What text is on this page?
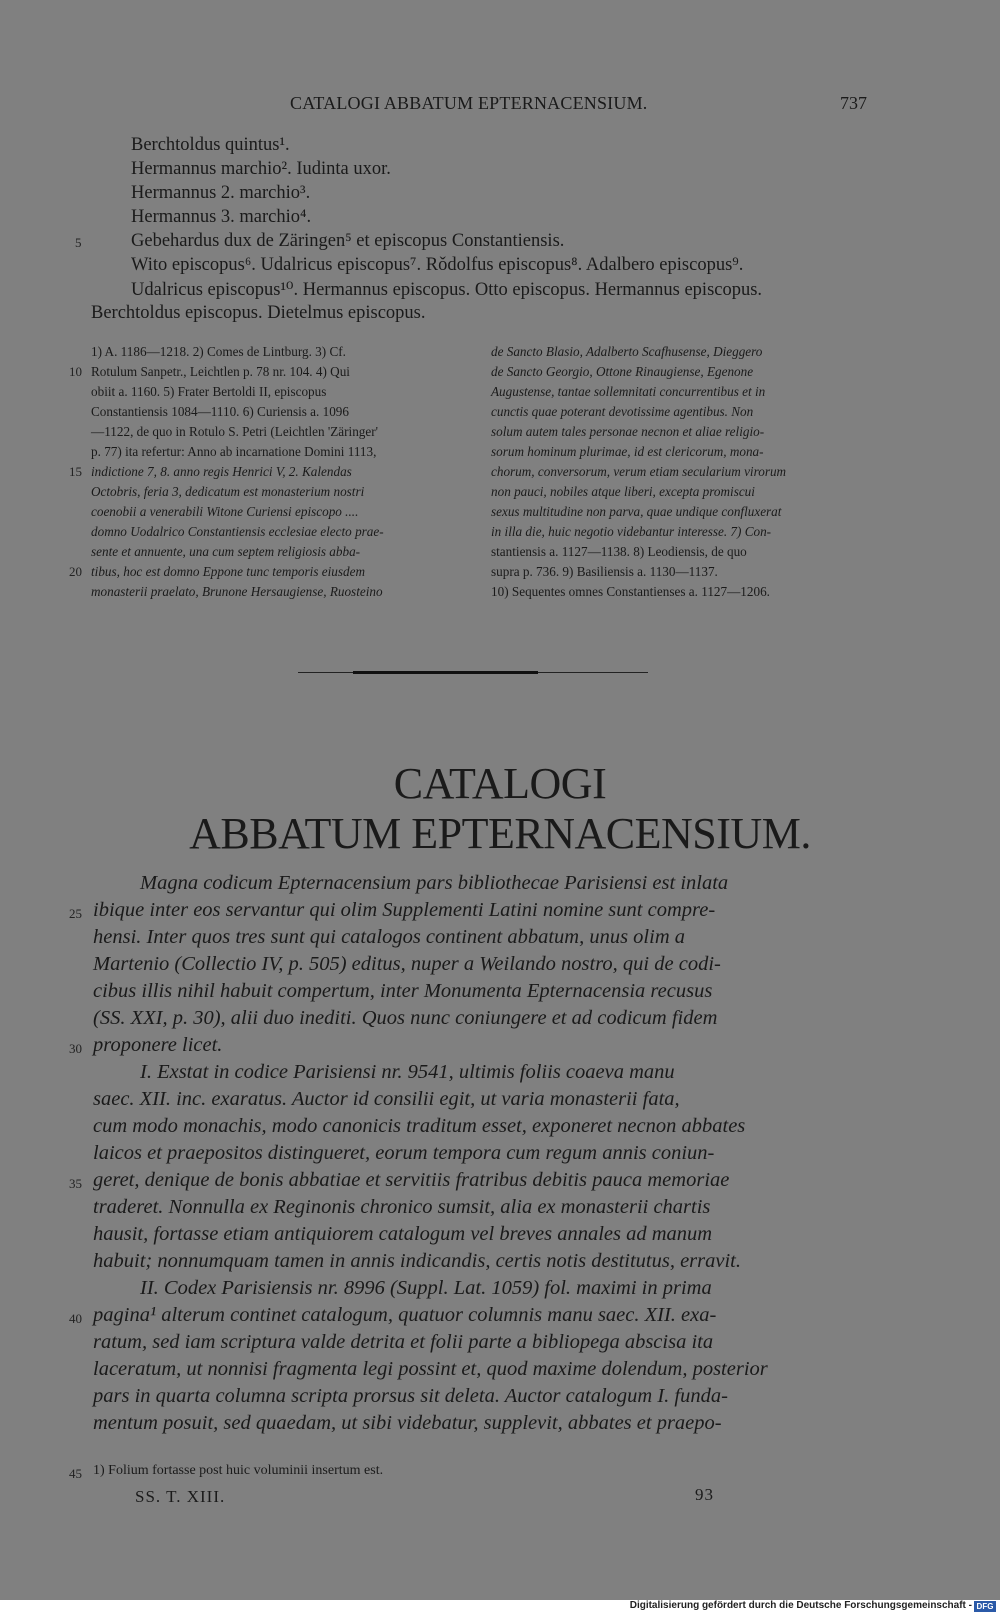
CATALOGI ABBATUM EPTERNACENSIUM.	737
Berchtoldus quintus¹.
Hermannus marchio². Iudinta uxor.
Hermannus 2. marchio³.
Hermannus 3. marchio⁴.
Gebehardus dux de Zäringen⁵ et episcopus Constantiensis.
Wito episcopus⁶. Udalricus episcopus⁷. Rǒdolfus episcopus⁸. Adalbero episcopus⁹.
Udalricus episcopus¹⁰. Hermannus episcopus. Otto episcopus. Hermannus episcopus.
Berchtoldus episcopus. Dietelmus episcopus.
1) A. 1186—1218. 2) Comes de Lintburg. 3) Cf.
Rotulum Sanpetr., Leichtlen p. 78 nr. 104. 4) Qui
obiit a. 1160. 5) Frater Bertoldi II, episcopus
Constantiensis 1084—1110. 6) Curiensis a. 1096
—1122, de quo in Rotulo S. Petri (Leichtlen 'Zäringer'
p. 77) ita refertur: Anno ab incarnatione Domini 1113,
indictione 7, 8. anno regis Henrici V, 2. Kalendas
Octobris, feria 3, dedicatum est monasterium nostri
coenobii a venerabili Witone Curiensi episcopo ....
domno Uodalrico Constantiensis ecclesiae electo prae-
sente et annuente, una cum septem religiosis abba-
tibus, hoc est domno Eppone tunc temporis eiusdem
monasterii praelato, Brunone Hersaugiense, Ruosteino
de Sancto Blasio, Adalberto Scafhusense, Dieggero
de Sancto Georgio, Ottone Rinaugiense, Egenone
Augustense, tantae sollemnitati concurrentibus et in
cunctis quae poterant devotissime agentibus. Non
solum autem tales personae necnon et aliae religio-
sorum hominum plurimae, id est clericorum, mona-
chorum, conversorum, verum etiam secularium virorum
non pauci, nobiles atque liberi, excepta promiscui
sexus multitudine non parva, quae undique confluxerat
in illa die, huic negotio videbantur interesse. 7) Con-
stantiensis a. 1127—1138. 8) Leodiensis, de quo
supra p. 736. 9) Basiliensis a. 1130—1137.
10) Sequentes omnes Constantienses a. 1127—1206.
CATALOGI
ABBATUM EPTERNACENSIUM.
Magna codicum Epternacensium pars bibliothecae Parisiensi est inlata
ibique inter eos servantur qui olim Supplementi Latini nomine sunt compre-
hensi. Inter quos tres sunt qui catalogos continent abbatum, unus olim a
Martenio (Collectio IV, p. 505) editus, nuper a Weilando nostro, qui de codi-
cibus illis nihil habuit compertum, inter Monumenta Epternacensia recusus
(SS. XXI, p. 30), alii duo inediti. Quos nunc coniungere et ad codicum fidem
proponere licet.
I. Exstat in codice Parisiensi nr. 9541, ultimis foliis coaeva manu
saec. XII. inc. exaratus. Auctor id consilii egit, ut varia monasterii fata,
cum modo monachis, modo canonicis traditum esset, exponeret necnon abbates
laicos et praepositos distingueret, eorum tempora cum regum annis coniun-
geret, denique de bonis abbatiae et servitiis fratribus debitis pauca memoriae
traderet. Nonnulla ex Reginonis chronico sumsit, alia ex monasterii chartis
hausit, fortasse etiam antiquiorem catalogum vel breves annales ad manum
habuit; nonnumquam tamen in annis indicandis, certis notis destitutus, erravit.
II. Codex Parisiensis nr. 8996 (Suppl. Lat. 1059) fol. maximi in prima
pagina¹ alterum continet catalogum, quatuor columnis manu saec. XII. exa-
ratum, sed iam scriptura valde detrita et folii parte a bibliopega abscisa ita
laceratum, ut nonnisi fragmenta legi possint et, quod maxime dolendum, posterior
pars in quarta columna scripta prorsus sit deleta. Auctor catalogum I. funda-
mentum posuit, sed quaedam, ut sibi videbatur, supplevit, abbates et praepo-
1) Folium fortasse post huic voluminii insertum est.
SS. T. XIII.	93
5
10
15
20
25
30
35
40
45
Digitalisierung gefördert durch die Deutsche Forschungsgemeinschaft - DFG
